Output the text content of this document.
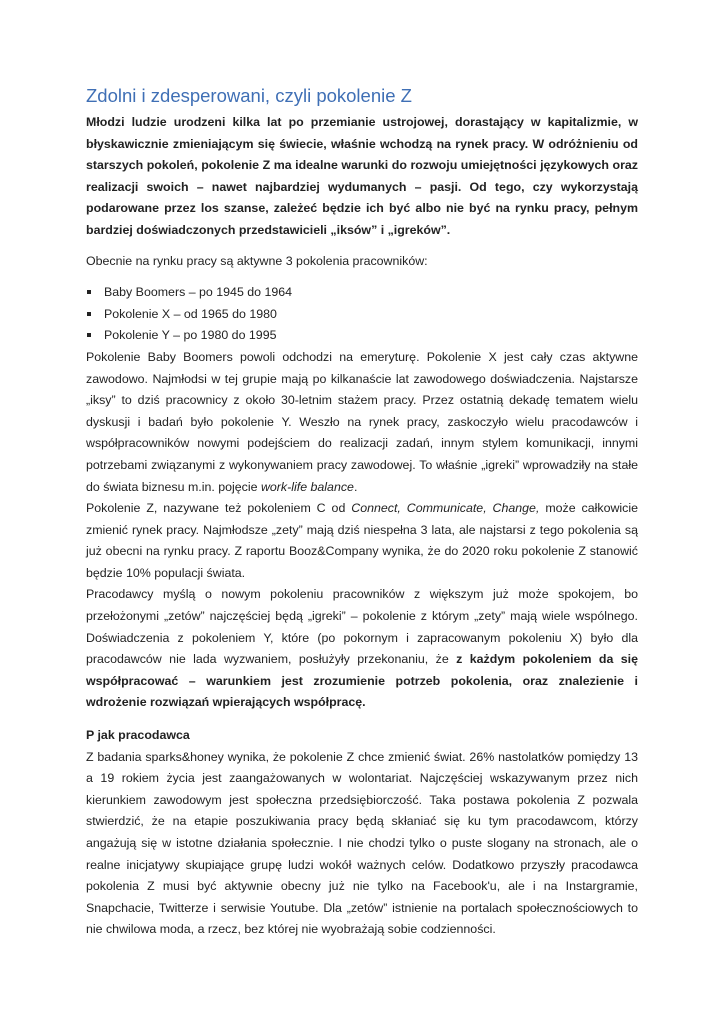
Zdolni i zdesperowani, czyli pokolenie Z

Młodzi ludzie urodzeni kilka lat po przemianie ustrojowej, dorastający w kapitalizmie, w błyskawicznie zmieniającym się świecie, właśnie wchodzą na rynek pracy. W odróżnieniu od starszych pokoleń, pokolenie Z ma idealne warunki do rozwoju umiejętności językowych oraz realizacji swoich – nawet najbardziej wydumanych – pasji. Od tego, czy wykorzystają podarowane przez los szanse, zależeć będzie ich być albo nie być na rynku pracy, pełnym bardziej doświadczonych przedstawicieli „iksów” i „igreków”.

Obecnie na rynku pracy są aktywne 3 pokolenia pracowników:

Baby Boomers – po 1945 do 1964
Pokolenie X – od 1965 do 1980
Pokolenie Y – po 1980 do 1995

Pokolenie Baby Boomers powoli odchodzi na emeryturę. Pokolenie X jest cały czas aktywne zawodowo. Najmłodsi w tej grupie mają po kilkanaście lat zawodowego doświadczenia. Najstarsze „iksy” to dziś pracownicy z około 30-letnim stażem pracy. Przez ostatnią dekadę tematem wielu dyskusji i badań było pokolenie Y. Weszło na rynek pracy, zaskoczyło wielu pracodawców i współpracowników nowymi podejściem do realizacji zadań, innym stylem komunikacji, innymi potrzebami związanymi z wykonywaniem pracy zawodowej. To właśnie „igreki” wprowadziły na stałe do świata biznesu m.in. pojęcie work-life balance.

Pokolenie Z, nazywane też pokoleniem C od Connect, Communicate, Change, może całkowicie zmienić rynek pracy. Najmłodsze „zety” mają dziś niespełna 3 lata, ale najstarsi z tego pokolenia są już obecni na rynku pracy. Z raportu Booz&Company wynika, że do 2020 roku pokolenie Z stanowić będzie 10% populacji świata.

Pracodawcy myślą o nowym pokoleniu pracowników z większym już może spokojem, bo przełożonymi „zetów” najczęściej będą „igreki” – pokolenie z którym „zety” mają wiele wspólnego. Doświadczenia z pokoleniem Y, które (po pokornym i zapracowanym pokoleniu X) było dla pracodawców nie lada wyzwaniem, posłużyły przekonaniu, że z każdym pokoleniem da się współpracować – warunkiem jest zrozumienie potrzeb pokolenia, oraz znalezienie i wdrożenie rozwiązań wpierających współpracę.

P jak pracodawca

Z badania sparks&honey wynika, że pokolenie Z chce zmienić świat. 26% nastolatków pomiędzy 13 a 19 rokiem życia jest zaangażowanych w wolontariat. Najczęściej wskazywanym przez nich kierunkiem zawodowym jest społeczna przedsiębiorczość. Taka postawa pokolenia Z pozwala stwierdzić, że na etapie poszukiwania pracy będą skłaniać się ku tym pracodawcom, którzy angażują się w istotne działania społecznie. I nie chodzi tylko o puste slogany na stronach, ale o realne inicjatywy skupiające grupę ludzi wokół ważnych celów. Dodatkowo przyszły pracodawca pokolenia Z musi być aktywnie obecny już nie tylko na Facebook'u, ale i na Instargramie, Snapchacie, Twitterze i serwisie Youtube. Dla „zetów” istnienie na portalach społecznościowych to nie chwilowa moda, a rzecz, bez której nie wyobrażają sobie codzienności.
